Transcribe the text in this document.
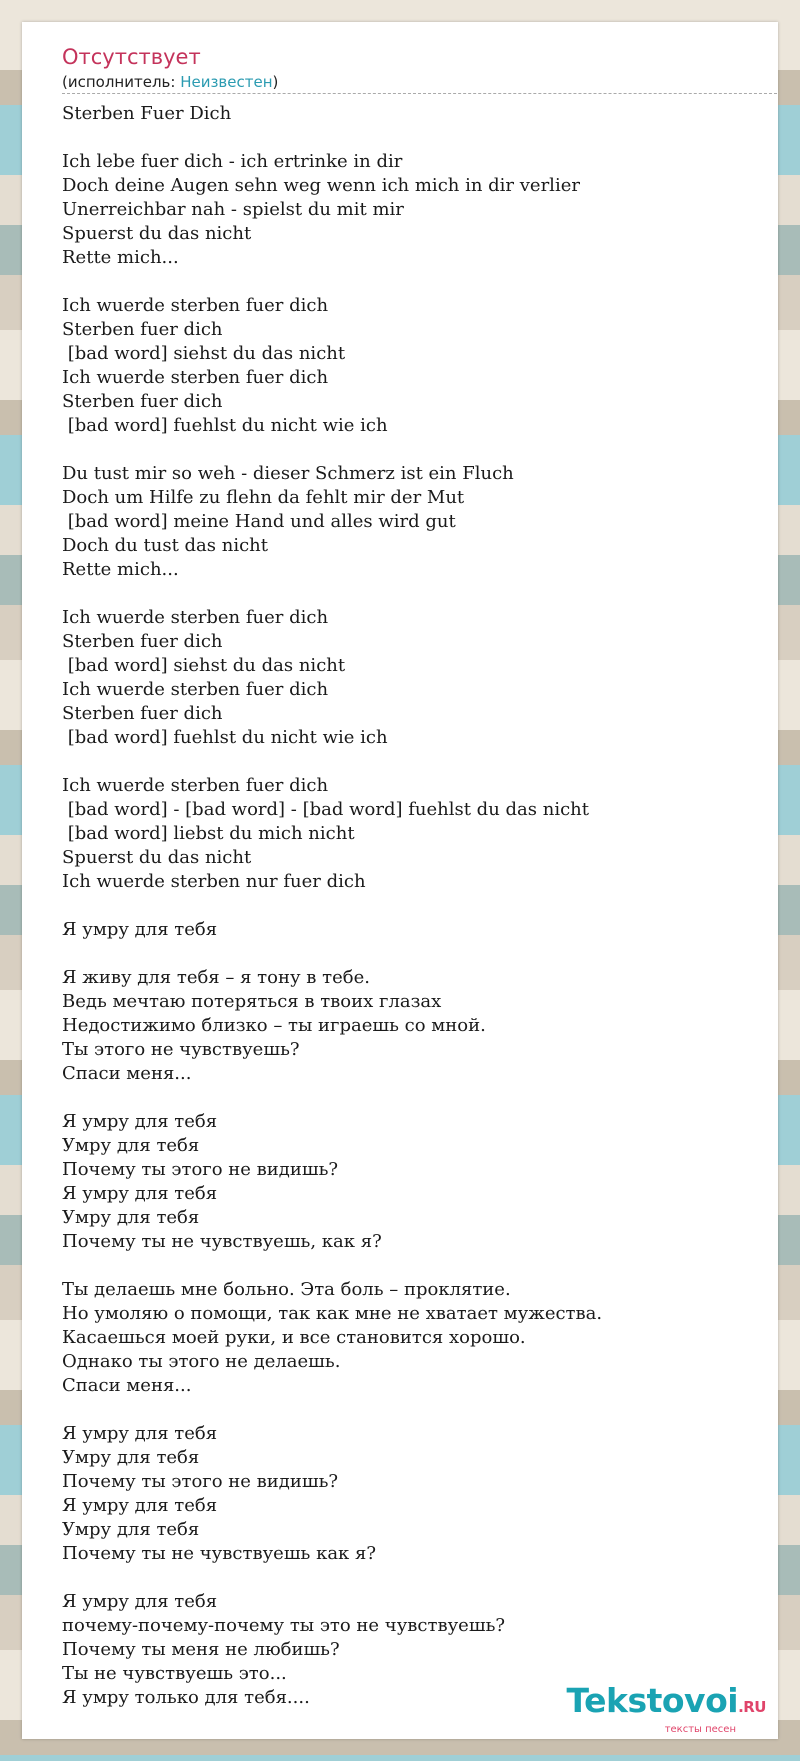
Отсутствует
(исполнитель: Неизвестен)
Sterben Fuer Dich
Ich lebe fuer dich - ich ertrinke in dir
Doch deine Augen sehn weg wenn ich mich in dir verlier
Unerreichbar nah - spielst du mit mir
Spuerst du das nicht
Rette mich...
Ich wuerde sterben fuer dich
Sterben fuer dich
[bad word] siehst du das nicht
Ich wuerde sterben fuer dich
Sterben fuer dich
[bad word] fuehlst du nicht wie ich
Du tust mir so weh - dieser Schmerz ist ein Fluch
Doch um Hilfe zu flehn da fehlt mir der Mut
[bad word] meine Hand und alles wird gut
Doch du tust das nicht
Rette mich...
Ich wuerde sterben fuer dich
Sterben fuer dich
[bad word] siehst du das nicht
Ich wuerde sterben fuer dich
Sterben fuer dich
[bad word] fuehlst du nicht wie ich
Ich wuerde sterben fuer dich
[bad word] - [bad word] - [bad word] fuehlst du das nicht
[bad word] liebst du mich nicht
Spuerst du das nicht
Ich wuerde sterben nur fuer dich
Я умру для тебя
Я живу для тебя – я тону в тебе.
Ведь мечтаю потеряться в твоих глазах
Недостижимо близко – ты играешь со мной.
Ты этого не чувствуешь?
Спаси меня...
Я умру для тебя
Умру для тебя
Почему ты этого не видишь?
Я умру для тебя
Умру для тебя
Почему ты не чувствуешь, как я?
Ты делаешь мне больно. Эта боль – проклятие.
Но умоляю о помощи, так как мне не хватает мужества.
Касаешься моей руки, и все становится хорошо.
Однако ты этого не делаешь.
Спаси меня...
Я умру для тебя
Умру для тебя
Почему ты этого не видишь?
Я умру для тебя
Умру для тебя
Почему ты не чувствуешь как я?
Я умру для тебя
почему-почему-почему ты это не чувствуешь?
Почему ты меня не любишь?
Ты не чувствуешь это...
Я умру только для тебя....	Tekstovoi.RU
тексты песен
